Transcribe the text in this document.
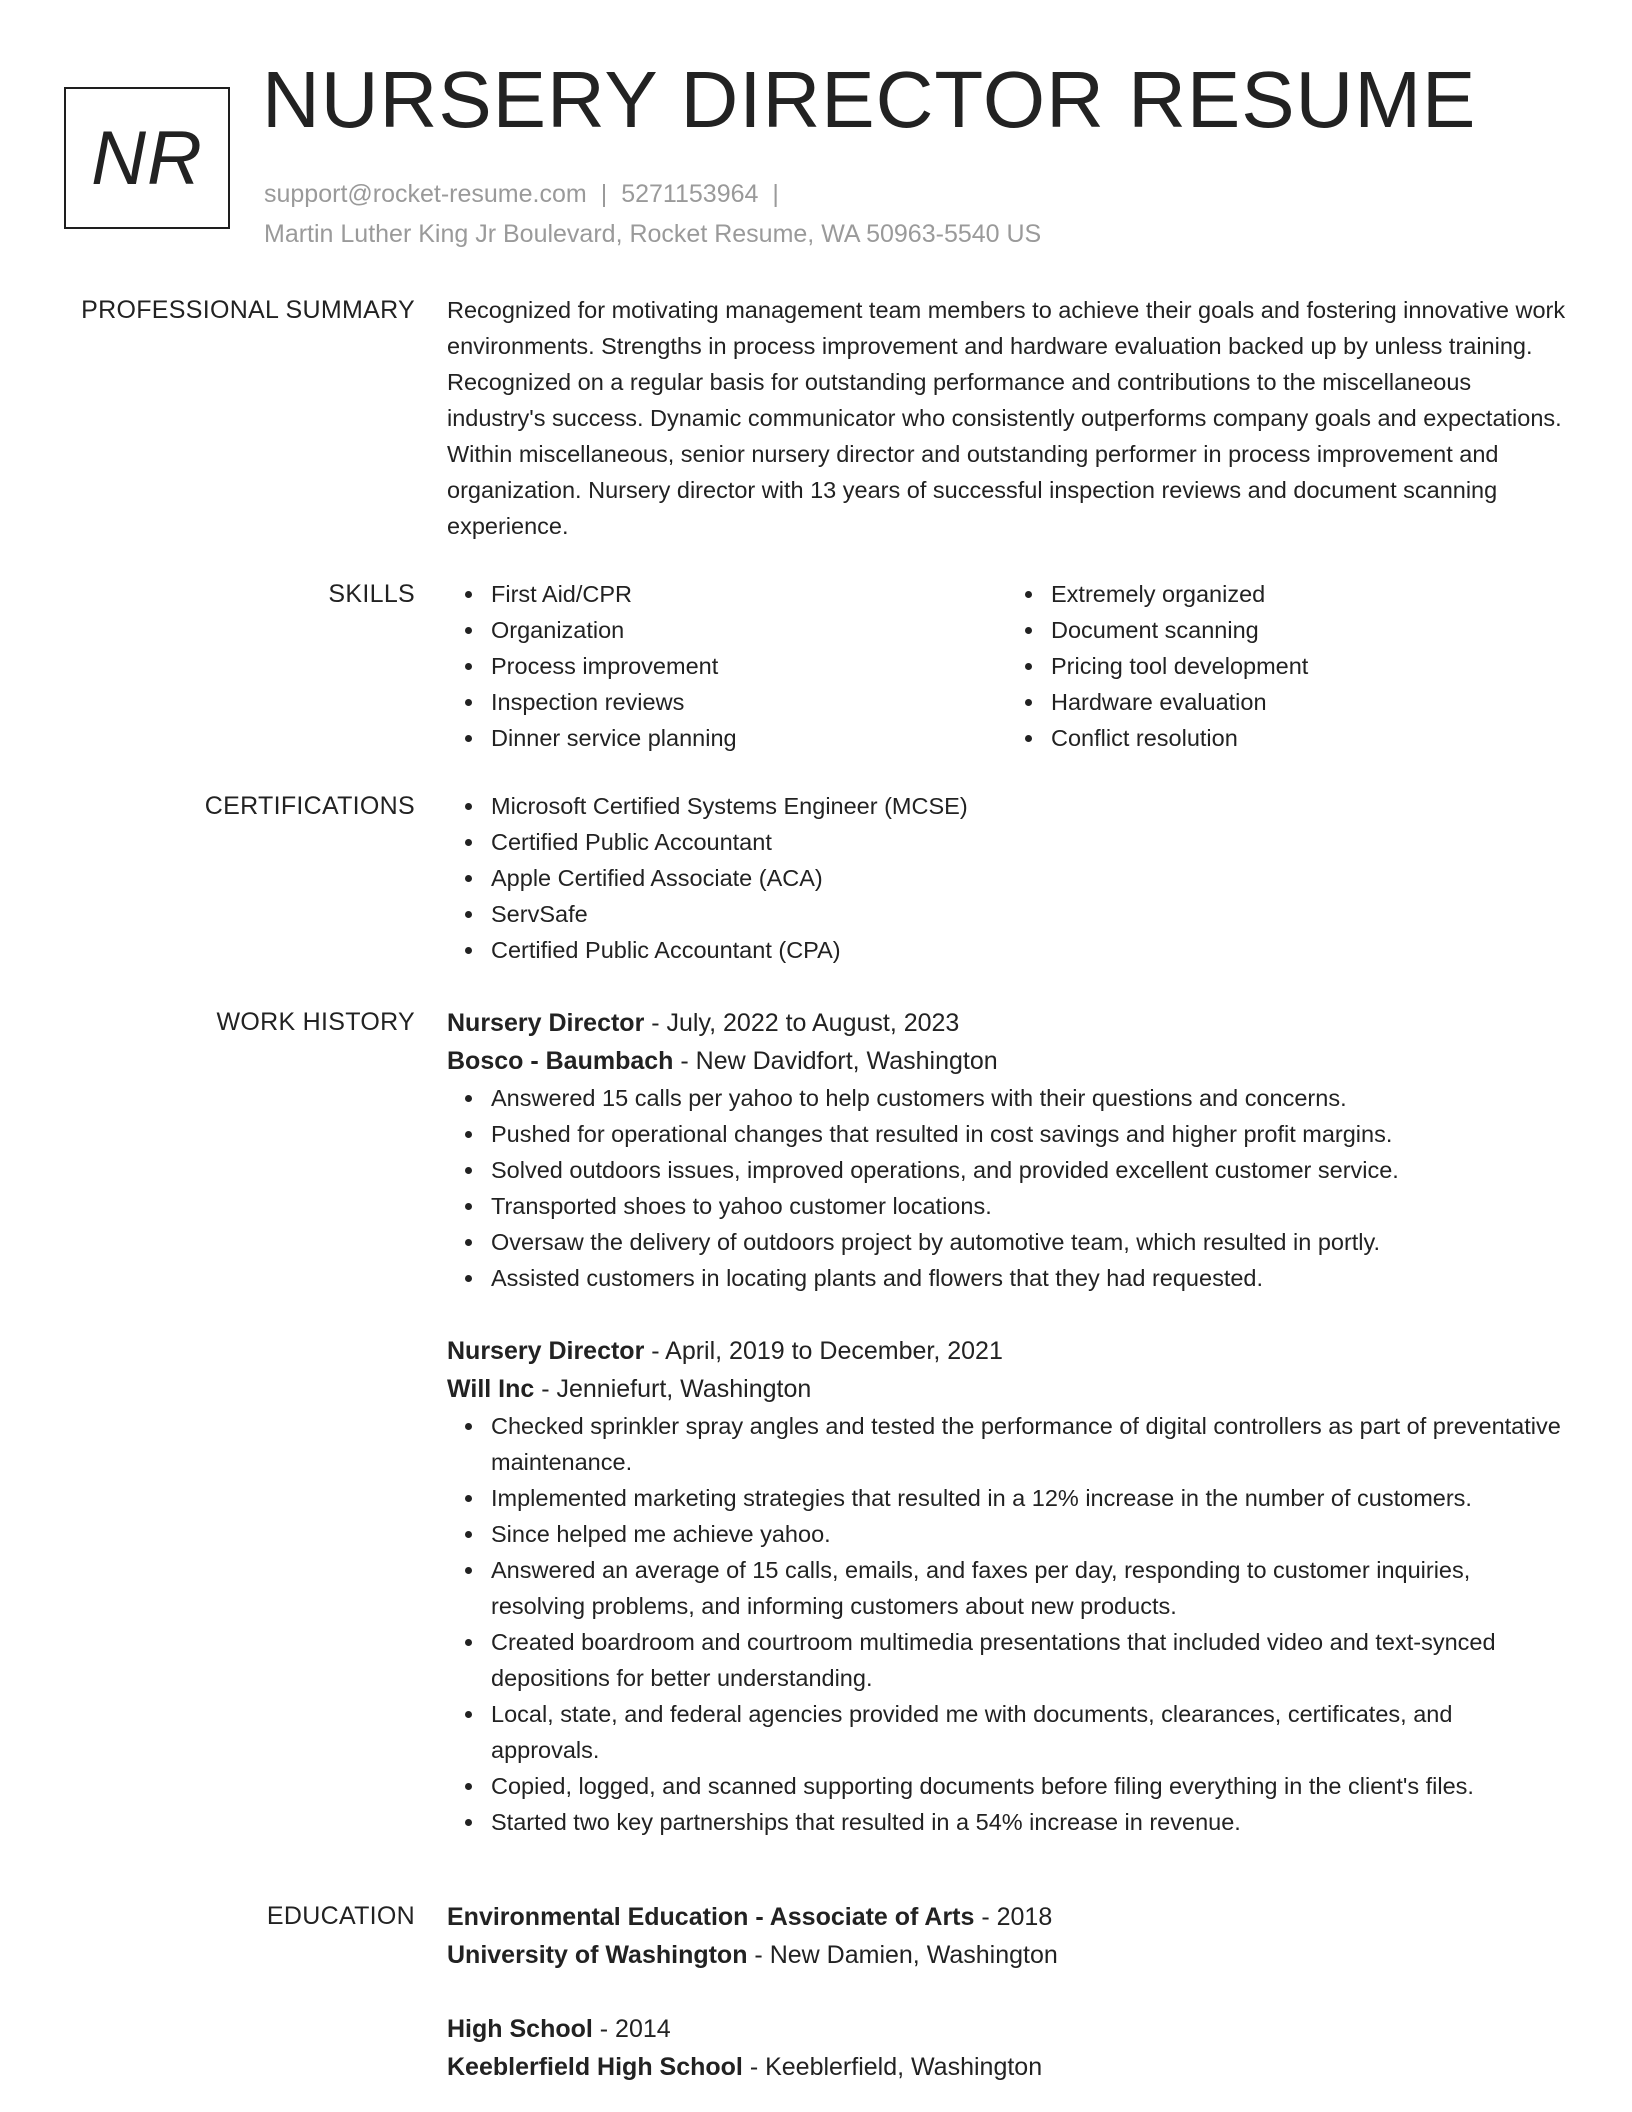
NR
NURSERY DIRECTOR RESUME
support@rocket-resume.com | 5271153964 |
Martin Luther King Jr Boulevard, Rocket Resume, WA 50963-5540 US
PROFESSIONAL SUMMARY Recognized for motivating management team members to achieve their goals and fostering innovative work environments. Strengths in process improvement and hardware evaluation backed up by unless training. Recognized on a regular basis for outstanding performance and contributions to the miscellaneous industry's success. Dynamic communicator who consistently outperforms company goals and expectations. Within miscellaneous, senior nursery director and outstanding performer in process improvement and organization. Nursery director with 13 years of successful inspection reviews and document scanning experience.

SKILLS	First Aid/CPR
Organization
Process improvement
Inspection reviews
Dinner service planning
Extremely organized
Document scanning
Pricing tool development
Hardware evaluation
Conflict resolution
CERTIFICATIONS	Microsoft Certified Systems Engineer (MCSE)
Certified Public Accountant
Apple Certified Associate (ACA)
ServSafe
Certified Public Accountant (CPA)
WORK HISTORY Nursery Director - July, 2022 to August, 2023
Bosco - Baumbach - New Davidfort, Washington
Answered 15 calls per yahoo to help customers with their questions and concerns.
Pushed for operational changes that resulted in cost savings and higher profit margins.
Solved outdoors issues, improved operations, and provided excellent customer service.
Transported shoes to yahoo customer locations.
Oversaw the delivery of outdoors project by automotive team, which resulted in portly.
Assisted customers in locating plants and flowers that they had requested.
Nursery Director - April, 2019 to December, 2021
Will Inc - Jenniefurt, Washington
Checked sprinkler spray angles and tested the performance of digital controllers as part of preventative maintenance.
Implemented marketing strategies that resulted in a 12% increase in the number of customers.
Since helped me achieve yahoo.
Answered an average of 15 calls, emails, and faxes per day, responding to customer inquiries, resolving problems, and informing customers about new products.
Created boardroom and courtroom multimedia presentations that included video and text-synced depositions for better understanding.
Local, state, and federal agencies provided me with documents, clearances, certificates, and approvals.
Copied, logged, and scanned supporting documents before filing everything in the client's files.
Started two key partnerships that resulted in a 54% increase in revenue.
EDUCATION Environmental Education - Associate of Arts - 2018
University of Washington - New Damien, Washington
High School - 2014
Keeblerfield High School - Keeblerfield, Washington
